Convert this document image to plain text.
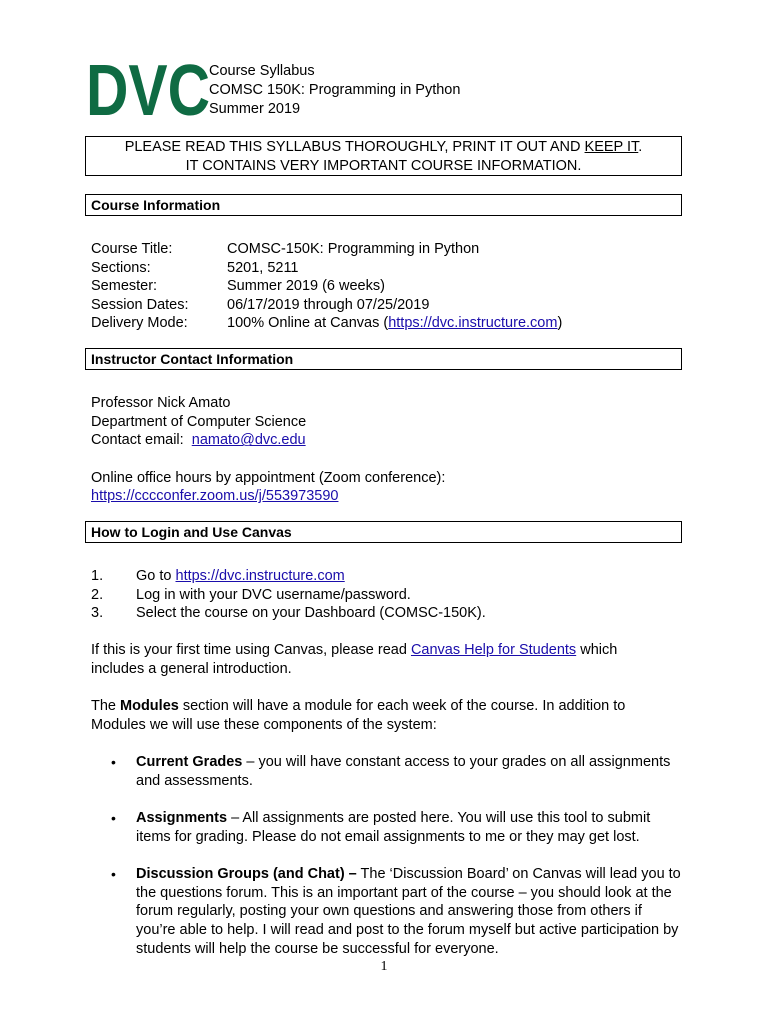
DVC Course Syllabus
COMSC 150K: Programming in Python
Summer 2019
PLEASE READ THIS SYLLABUS THOROUGHLY, PRINT IT OUT AND KEEP IT.
IT CONTAINS VERY IMPORTANT COURSE INFORMATION.
Course Information
Course Title:	COMSC-150K: Programming in Python
Sections:	5201, 5211
Semester:	Summer 2019 (6 weeks)
Session Dates:	06/17/2019 through 07/25/2019
Delivery Mode:	100% Online at Canvas (https://dvc.instructure.com)
Instructor Contact Information
Professor Nick Amato
Department of Computer Science
Contact email: namato@dvc.edu
Online office hours by appointment (Zoom conference):
https://cccconfer.zoom.us/j/553973590
How to Login and Use Canvas
1.	Go to https://dvc.instructure.com
2.	Log in with your DVC username/password.
3.	Select the course on your Dashboard (COMSC-150K).
If this is your first time using Canvas, please read Canvas Help for Students which
includes a general introduction.
The Modules section will have a module for each week of the course. In addition to
Modules we will use these components of the system:
•	Current Grades – you will have constant access to your grades on all assignments and assessments.
•	Assignments – All assignments are posted here. You will use this tool to submit items for grading. Please do not email assignments to me or they may get lost.
•	Discussion Groups (and Chat) – The ‘Discussion Board’ on Canvas will lead you to the questions forum. This is an important part of the course – you should look at the forum regularly, posting your own questions and answering those from others if you’re able to help. I will read and post to the forum myself but active participation by students will help the course be successful for everyone.
1
